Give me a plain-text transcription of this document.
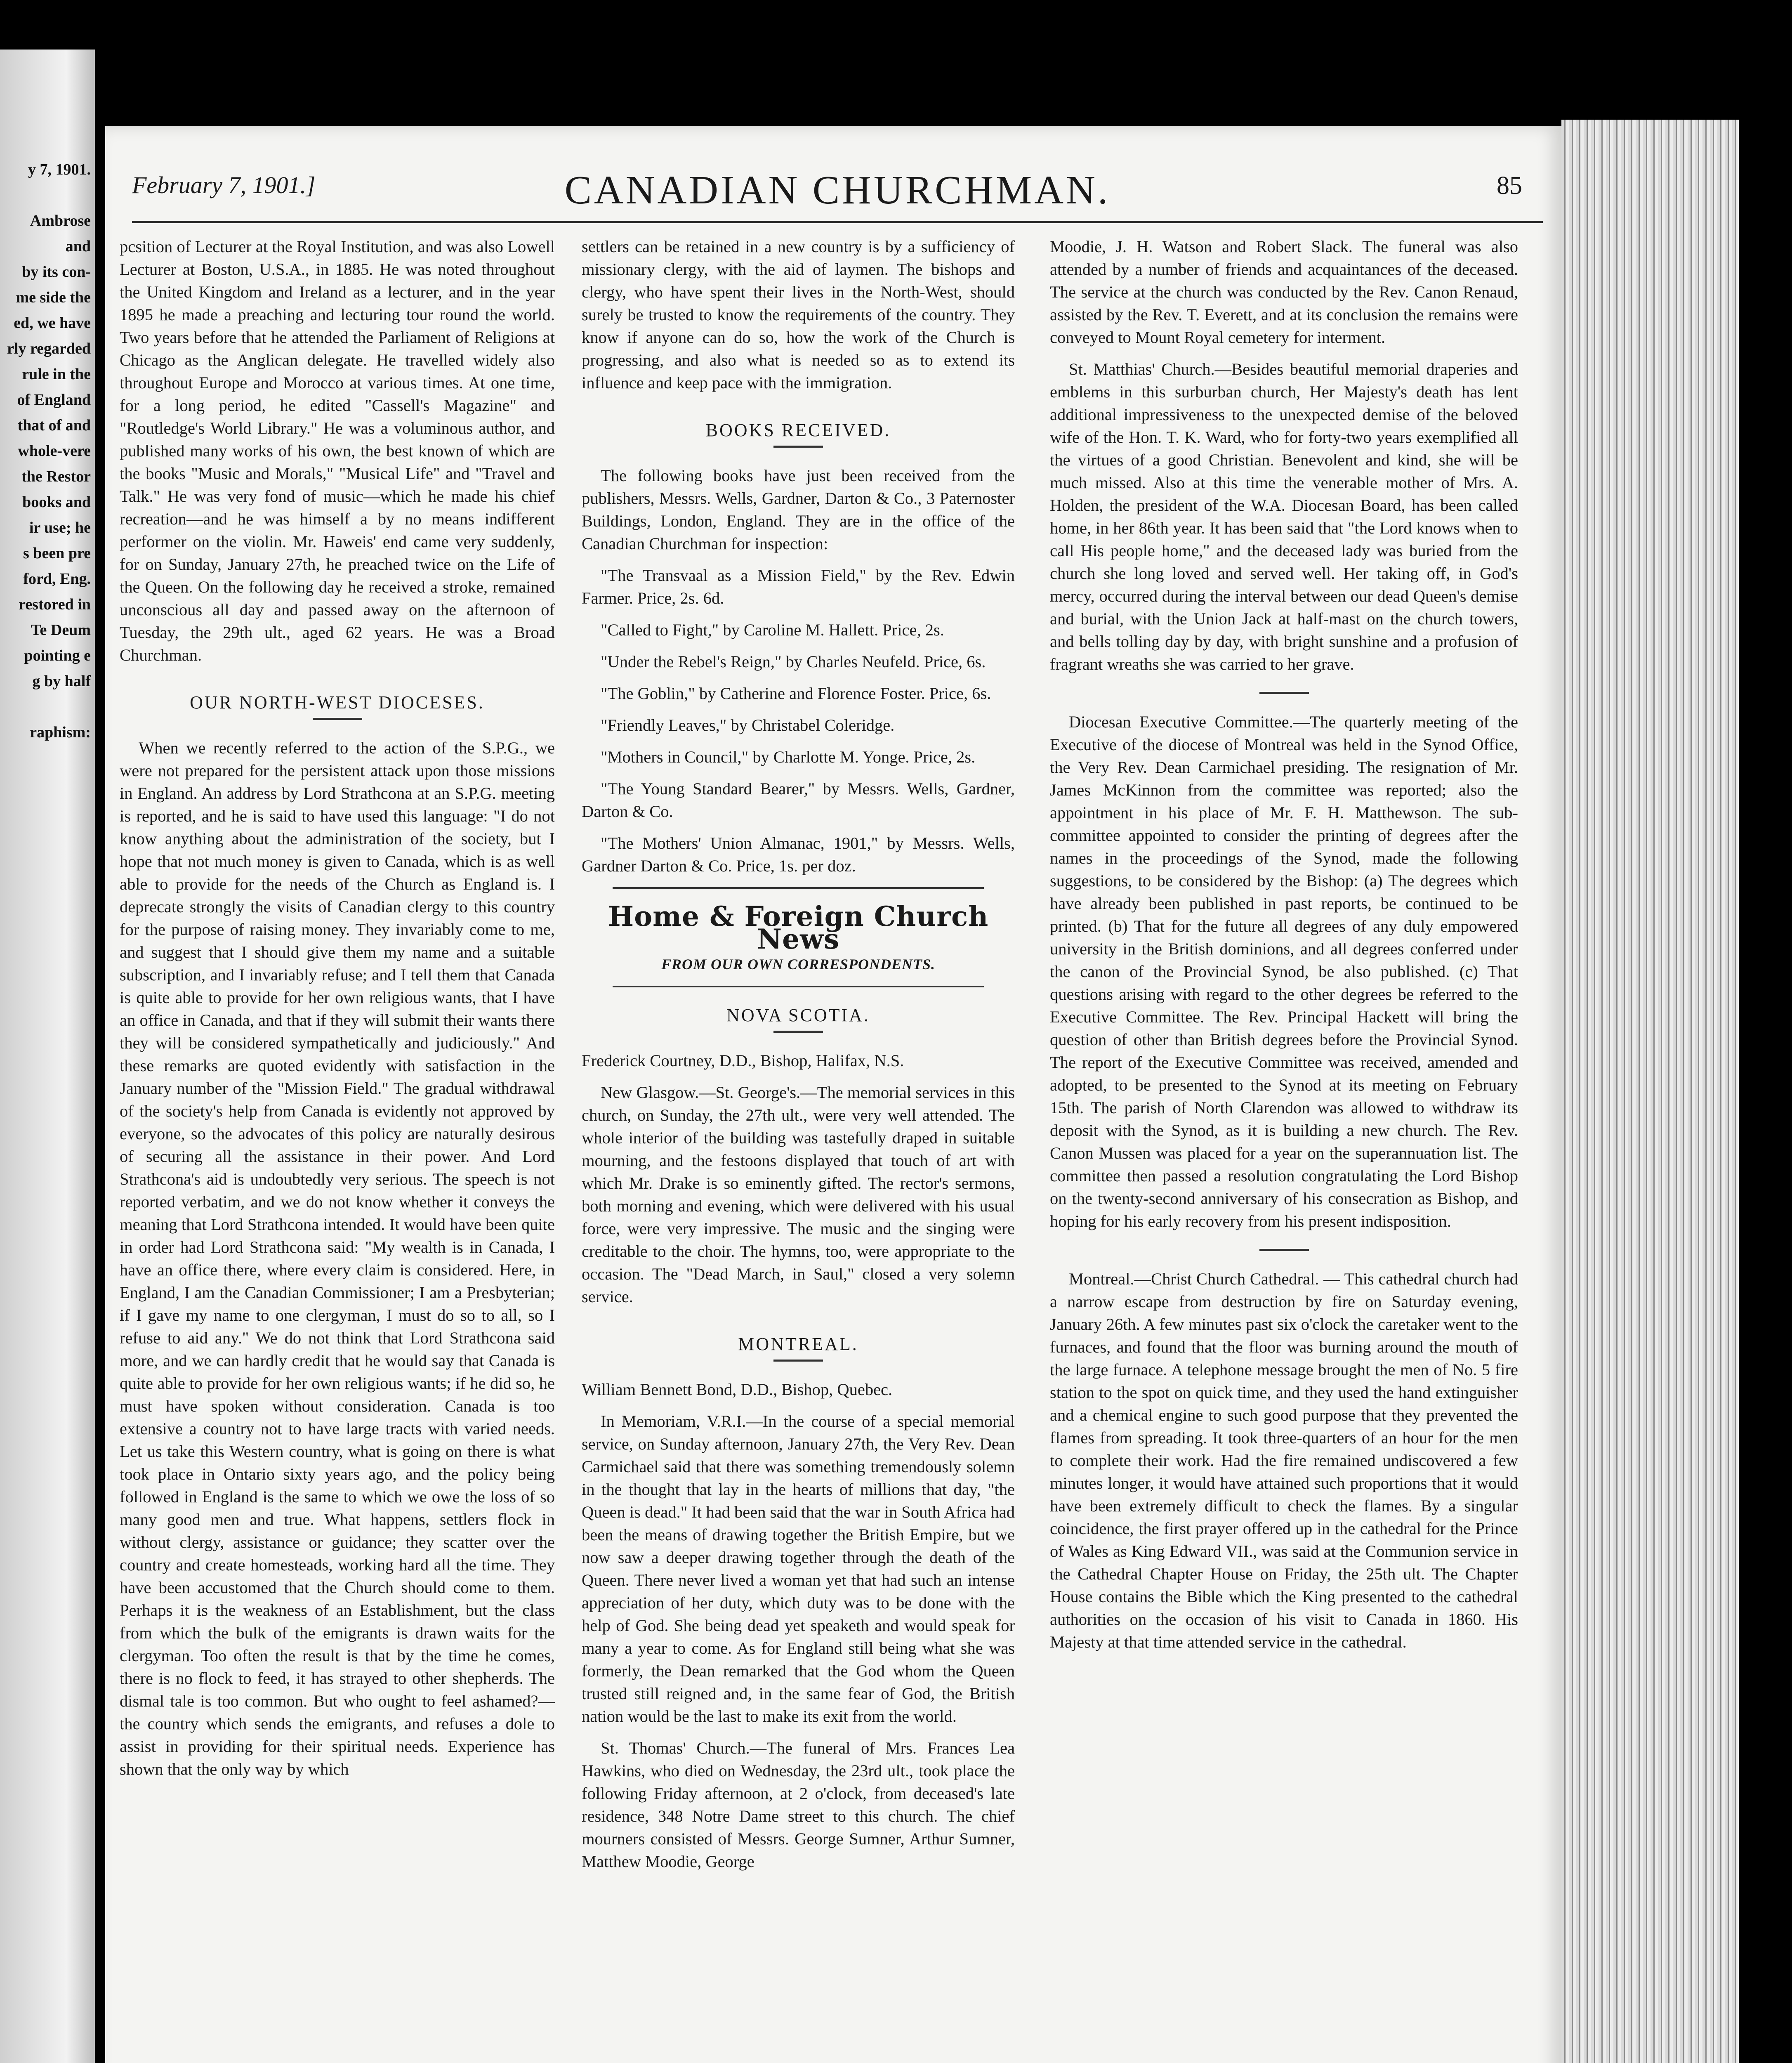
y 7, 1901.

Ambrose and
by its con-
me side the
ed, we have
rly regarded
rule in the
of England
that of and
whole-vere
the Restor
books and
ir use; he
s been pre
ford, Eng.
restored in
Te Deum
pointing e
g by half

raphism:
February 7, 1901.]	CANADIAN CHURCHMAN.	85

pcsition of Lecturer at the Royal Institution, and was also Lowell Lecturer at Boston, U.S.A., in 1885. He was noted throughout the United Kingdom and Ireland as a lecturer, and in the year 1895 he made a preaching and lecturing tour round the world. Two years before that he attended the Parliament of Religions at Chicago as the Anglican delegate. He travelled widely also throughout Europe and Morocco at various times. At one time, for a long period, he edited "Cassell's Magazine" and "Routledge's World Library." He was a voluminous author, and published many works of his own, the best known of which are the books "Music and Morals," "Musical Life" and "Travel and Talk." He was very fond of music—which he made his chief recreation—and he was himself a by no means indifferent performer on the violin. Mr. Haweis' end came very suddenly, for on Sunday, January 27th, he preached twice on the Life of the Queen. On the following day he received a stroke, remained unconscious all day and passed away on the afternoon of Tuesday, the 29th ult., aged 62 years. He was a Broad Churchman.

OUR NORTH-WEST DIOCESES.

When we recently referred to the action of the S.P.G., we were not prepared for the persistent attack upon those missions in England. An address by Lord Strathcona at an S.P.G. meeting is reported, and he is said to have used this language: "I do not know anything about the administration of the society, but I hope that not much money is given to Canada, which is as well able to provide for the needs of the Church as England is. I deprecate strongly the visits of Canadian clergy to this country for the purpose of raising money. They invariably come to me, and suggest that I should give them my name and a suitable subscription, and I invariably refuse; and I tell them that Canada is quite able to provide for her own religious wants, that I have an office in Canada, and that if they will submit their wants there they will be considered sympathetically and judiciously." And these remarks are quoted evidently with satisfaction in the January number of the "Mission Field." The gradual withdrawal of the society's help from Canada is evidently not approved by everyone, so the advocates of this policy are naturally desirous of securing all the assistance in their power. And Lord Strathcona's aid is undoubtedly very serious. The speech is not reported verbatim, and we do not know whether it conveys the meaning that Lord Strathcona intended. It would have been quite in order had Lord Strathcona said: "My wealth is in Canada, I have an office there, where every claim is considered. Here, in England, I am the Canadian Commissioner; I am a Presbyterian; if I gave my name to one clergyman, I must do so to all, so I refuse to aid any." We do not think that Lord Strathcona said more, and we can hardly credit that he would say that Canada is quite able to provide for her own religious wants; if he did so, he must have spoken without consideration. Canada is too extensive a country not to have large tracts with varied needs. Let us take this Western country, what is going on there is what took place in Ontario sixty years ago, and the policy being followed in England is the same to which we owe the loss of so many good men and true. What happens, settlers flock in without clergy, assistance or guidance; they scatter over the country and create homesteads, working hard all the time. They have been accustomed that the Church should come to them. Perhaps it is the weakness of an Establishment, but the class from which the bulk of the emigrants is drawn waits for the clergyman. Too often the result is that by the time he comes, there is no flock to feed, it has strayed to other shepherds. The dismal tale is too common. But who ought to feel ashamed?—the country which sends the emigrants, and refuses a dole to assist in providing for their spiritual needs. Experience has shown that the only way by which

settlers can be retained in a new country is by a sufficiency of missionary clergy, with the aid of laymen. The bishops and clergy, who have spent their lives in the North-West, should surely be trusted to know the requirements of the country. They know if anyone can do so, how the work of the Church is progressing, and also what is needed so as to extend its influence and keep pace with the immigration.

BOOKS RECEIVED.

The following books have just been received from the publishers, Messrs. Wells, Gardner, Darton & Co., 3 Paternoster Buildings, London, England. They are in the office of the Canadian Churchman for inspection:

"The Transvaal as a Mission Field," by the Rev. Edwin Farmer. Price, 2s. 6d.

"Called to Fight," by Caroline M. Hallett. Price, 2s.

"Under the Rebel's Reign," by Charles Neufeld. Price, 6s.

"The Goblin," by Catherine and Florence Foster. Price, 6s.

"Friendly Leaves," by Christabel Coleridge.

"Mothers in Council," by Charlotte M. Yonge. Price, 2s.

"The Young Standard Bearer," by Messrs. Wells, Gardner, Darton & Co.

"The Mothers' Union Almanac, 1901," by Messrs. Wells, Gardner Darton & Co. Price, 1s. per doz.

Home & Foreign Church News
FROM OUR OWN CORRESPONDENTS.
NOVA SCOTIA.

Frederick Courtney, D.D., Bishop, Halifax, N.S.

New Glasgow.—St. George's.—The memorial services in this church, on Sunday, the 27th ult., were very well attended. The whole interior of the building was tastefully draped in suitable mourning, and the festoons displayed that touch of art with which Mr. Drake is so eminently gifted. The rector's sermons, both morning and evening, which were delivered with his usual force, were very impressive. The music and the singing were creditable to the choir. The hymns, too, were appropriate to the occasion. The "Dead March, in Saul," closed a very solemn service.

MONTREAL.

William Bennett Bond, D.D., Bishop, Quebec.

In Memoriam, V.R.I.—In the course of a special memorial service, on Sunday afternoon, January 27th, the Very Rev. Dean Carmichael said that there was something tremendously solemn in the thought that lay in the hearts of millions that day, "the Queen is dead." It had been said that the war in South Africa had been the means of drawing together the British Empire, but we now saw a deeper drawing together through the death of the Queen. There never lived a woman yet that had such an intense appreciation of her duty, which duty was to be done with the help of God. She being dead yet speaketh and would speak for many a year to come. As for England still being what she was formerly, the Dean remarked that the God whom the Queen trusted still reigned and, in the same fear of God, the British nation would be the last to make its exit from the world.

St. Thomas' Church.—The funeral of Mrs. Frances Lea Hawkins, who died on Wednesday, the 23rd ult., took place the following Friday afternoon, at 2 o'clock, from deceased's late residence, 348 Notre Dame street to this church. The chief mourners consisted of Messrs. George Sumner, Arthur Sumner, Matthew Moodie, George

Moodie, J. H. Watson and Robert Slack. The funeral was also attended by a number of friends and acquaintances of the deceased. The service at the church was conducted by the Rev. Canon Renaud, assisted by the Rev. T. Everett, and at its conclusion the remains were conveyed to Mount Royal cemetery for interment.

St. Matthias' Church.—Besides beautiful memorial draperies and emblems in this surburban church, Her Majesty's death has lent additional impressiveness to the unexpected demise of the beloved wife of the Hon. T. K. Ward, who for forty-two years exemplified all the virtues of a good Christian. Benevolent and kind, she will be much missed. Also at this time the venerable mother of Mrs. A. Holden, the president of the W.A. Diocesan Board, has been called home, in her 86th year. It has been said that "the Lord knows when to call His people home," and the deceased lady was buried from the church she long loved and served well. Her taking off, in God's mercy, occurred during the interval between our dead Queen's demise and burial, with the Union Jack at half-mast on the church towers, and bells tolling day by day, with bright sunshine and a profusion of fragrant wreaths she was carried to her grave.

Diocesan Executive Committee.—The quarterly meeting of the Executive of the diocese of Montreal was held in the Synod Office, the Very Rev. Dean Carmichael presiding. The resignation of Mr. James McKinnon from the committee was reported; also the appointment in his place of Mr. F. H. Matthewson. The sub-committee appointed to consider the printing of degrees after the names in the proceedings of the Synod, made the following suggestions, to be considered by the Bishop: (a) The degrees which have already been published in past reports, be continued to be printed. (b) That for the future all degrees of any duly empowered university in the British dominions, and all degrees conferred under the canon of the Provincial Synod, be also published. (c) That questions arising with regard to the other degrees be referred to the Executive Committee. The Rev. Principal Hackett will bring the question of other than British degrees before the Provincial Synod. The report of the Executive Committee was received, amended and adopted, to be presented to the Synod at its meeting on February 15th. The parish of North Clarendon was allowed to withdraw its deposit with the Synod, as it is building a new church. The Rev. Canon Mussen was placed for a year on the superannuation list. The committee then passed a resolution congratulating the Lord Bishop on the twenty-second anniversary of his consecration as Bishop, and hoping for his early recovery from his present indisposition.

Montreal.—Christ Church Cathedral. — This cathedral church had a narrow escape from destruction by fire on Saturday evening, January 26th. A few minutes past six o'clock the caretaker went to the furnaces, and found that the floor was burning around the mouth of the large furnace. A telephone message brought the men of No. 5 fire station to the spot on quick time, and they used the hand extinguisher and a chemical engine to such good purpose that they prevented the flames from spreading. It took three-quarters of an hour for the men to complete their work. Had the fire remained undiscovered a few minutes longer, it would have attained such proportions that it would have been extremely difficult to check the flames. By a singular coincidence, the first prayer offered up in the cathedral for the Prince of Wales as King Edward VII., was said at the Communion service in the Cathedral Chapter House on Friday, the 25th ult. The Chapter House contains the Bible which the King presented to the cathedral authorities on the occasion of his visit to Canada in 1860. His Majesty at that time attended service in the cathedral.
